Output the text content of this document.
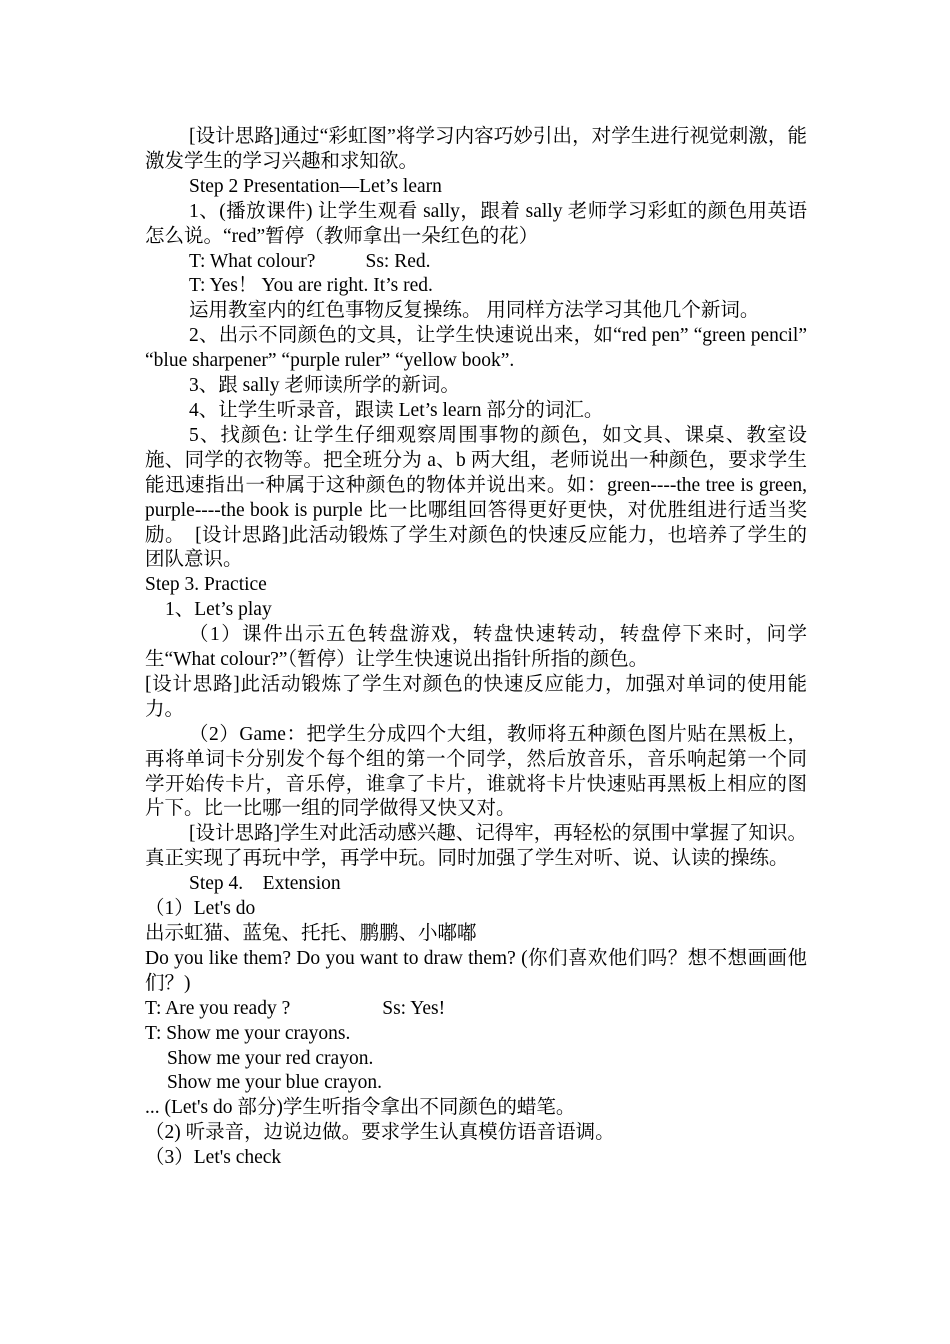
[设计思路]通过“彩虹图”将学习内容巧妙引出，对学生进行视觉刺激，能激发学生的学习兴趣和求知欲。

Step 2 Presentation—Let’s learn

1、(播放课件) 让学生观看 sally，跟着 sally 老师学习彩虹的颜色用英语怎么说。“red”暂停（教师拿出一朵红色的花）

T: What colour?	Ss: Red.

T: Yes！ You are right. It’s red.

运用教室内的红色事物反复操练。 用同样方法学习其他几个新词。

2、出示不同颜色的文具，让学生快速说出来，如“red pen” “green pencil” “blue sharpener” “purple ruler” “yellow book”.

3、跟 sally 老师读所学的新词。

4、让学生听录音，跟读 Let’s learn 部分的词汇。

5、找颜色: 让学生仔细观察周围事物的颜色，如文具、课桌、教室设施、同学的衣物等。把全班分为 a、b 两大组，老师说出一种颜色，要求学生能迅速指出一种属于这种颜色的物体并说出来。如：green----the tree is green, purple----the book is purple 比一比哪组回答得更好更快，对优胜组进行适当奖励。　[设计思路]此活动锻炼了学生对颜色的快速反应能力，也培养了学生的团队意识。

Step 3. Practice

1、Let’s play

（1）课件出示五色转盘游戏，转盘快速转动，转盘停下来时，问学生“What colour?”（暂停）让学生快速说出指针所指的颜色。

[设计思路]此活动锻炼了学生对颜色的快速反应能力，加强对单词的使用能力。

（2）Game：把学生分成四个大组，教师将五种颜色图片贴在黑板上，再将单词卡分别发个每个组的第一个同学，然后放音乐，音乐响起第一个同学开始传卡片，音乐停，谁拿了卡片，谁就将卡片快速贴再黑板上相应的图片下。比一比哪一组的同学做得又快又对。

[设计思路]学生对此活动感兴趣、记得牢，再轻松的氛围中掌握了知识。真正实现了再玩中学，再学中玩。同时加强了学生对听、说、认读的操练。

Step 4.　Extension

（1）Let's do

出示虹猫、蓝兔、托托、鹏鹏、小嘟嘟

Do you like them? Do you want to draw them? (你们喜欢他们吗？想不想画画他们？)

T: Are you ready ?	Ss: Yes!

T: Show me your crayons.

Show me your red crayon.

Show me your blue crayon.

... (Let's do 部分)学生听指令拿出不同颜色的蜡笔。

（2) 听录音，边说边做。要求学生认真模仿语音语调。

（3）Let's check
